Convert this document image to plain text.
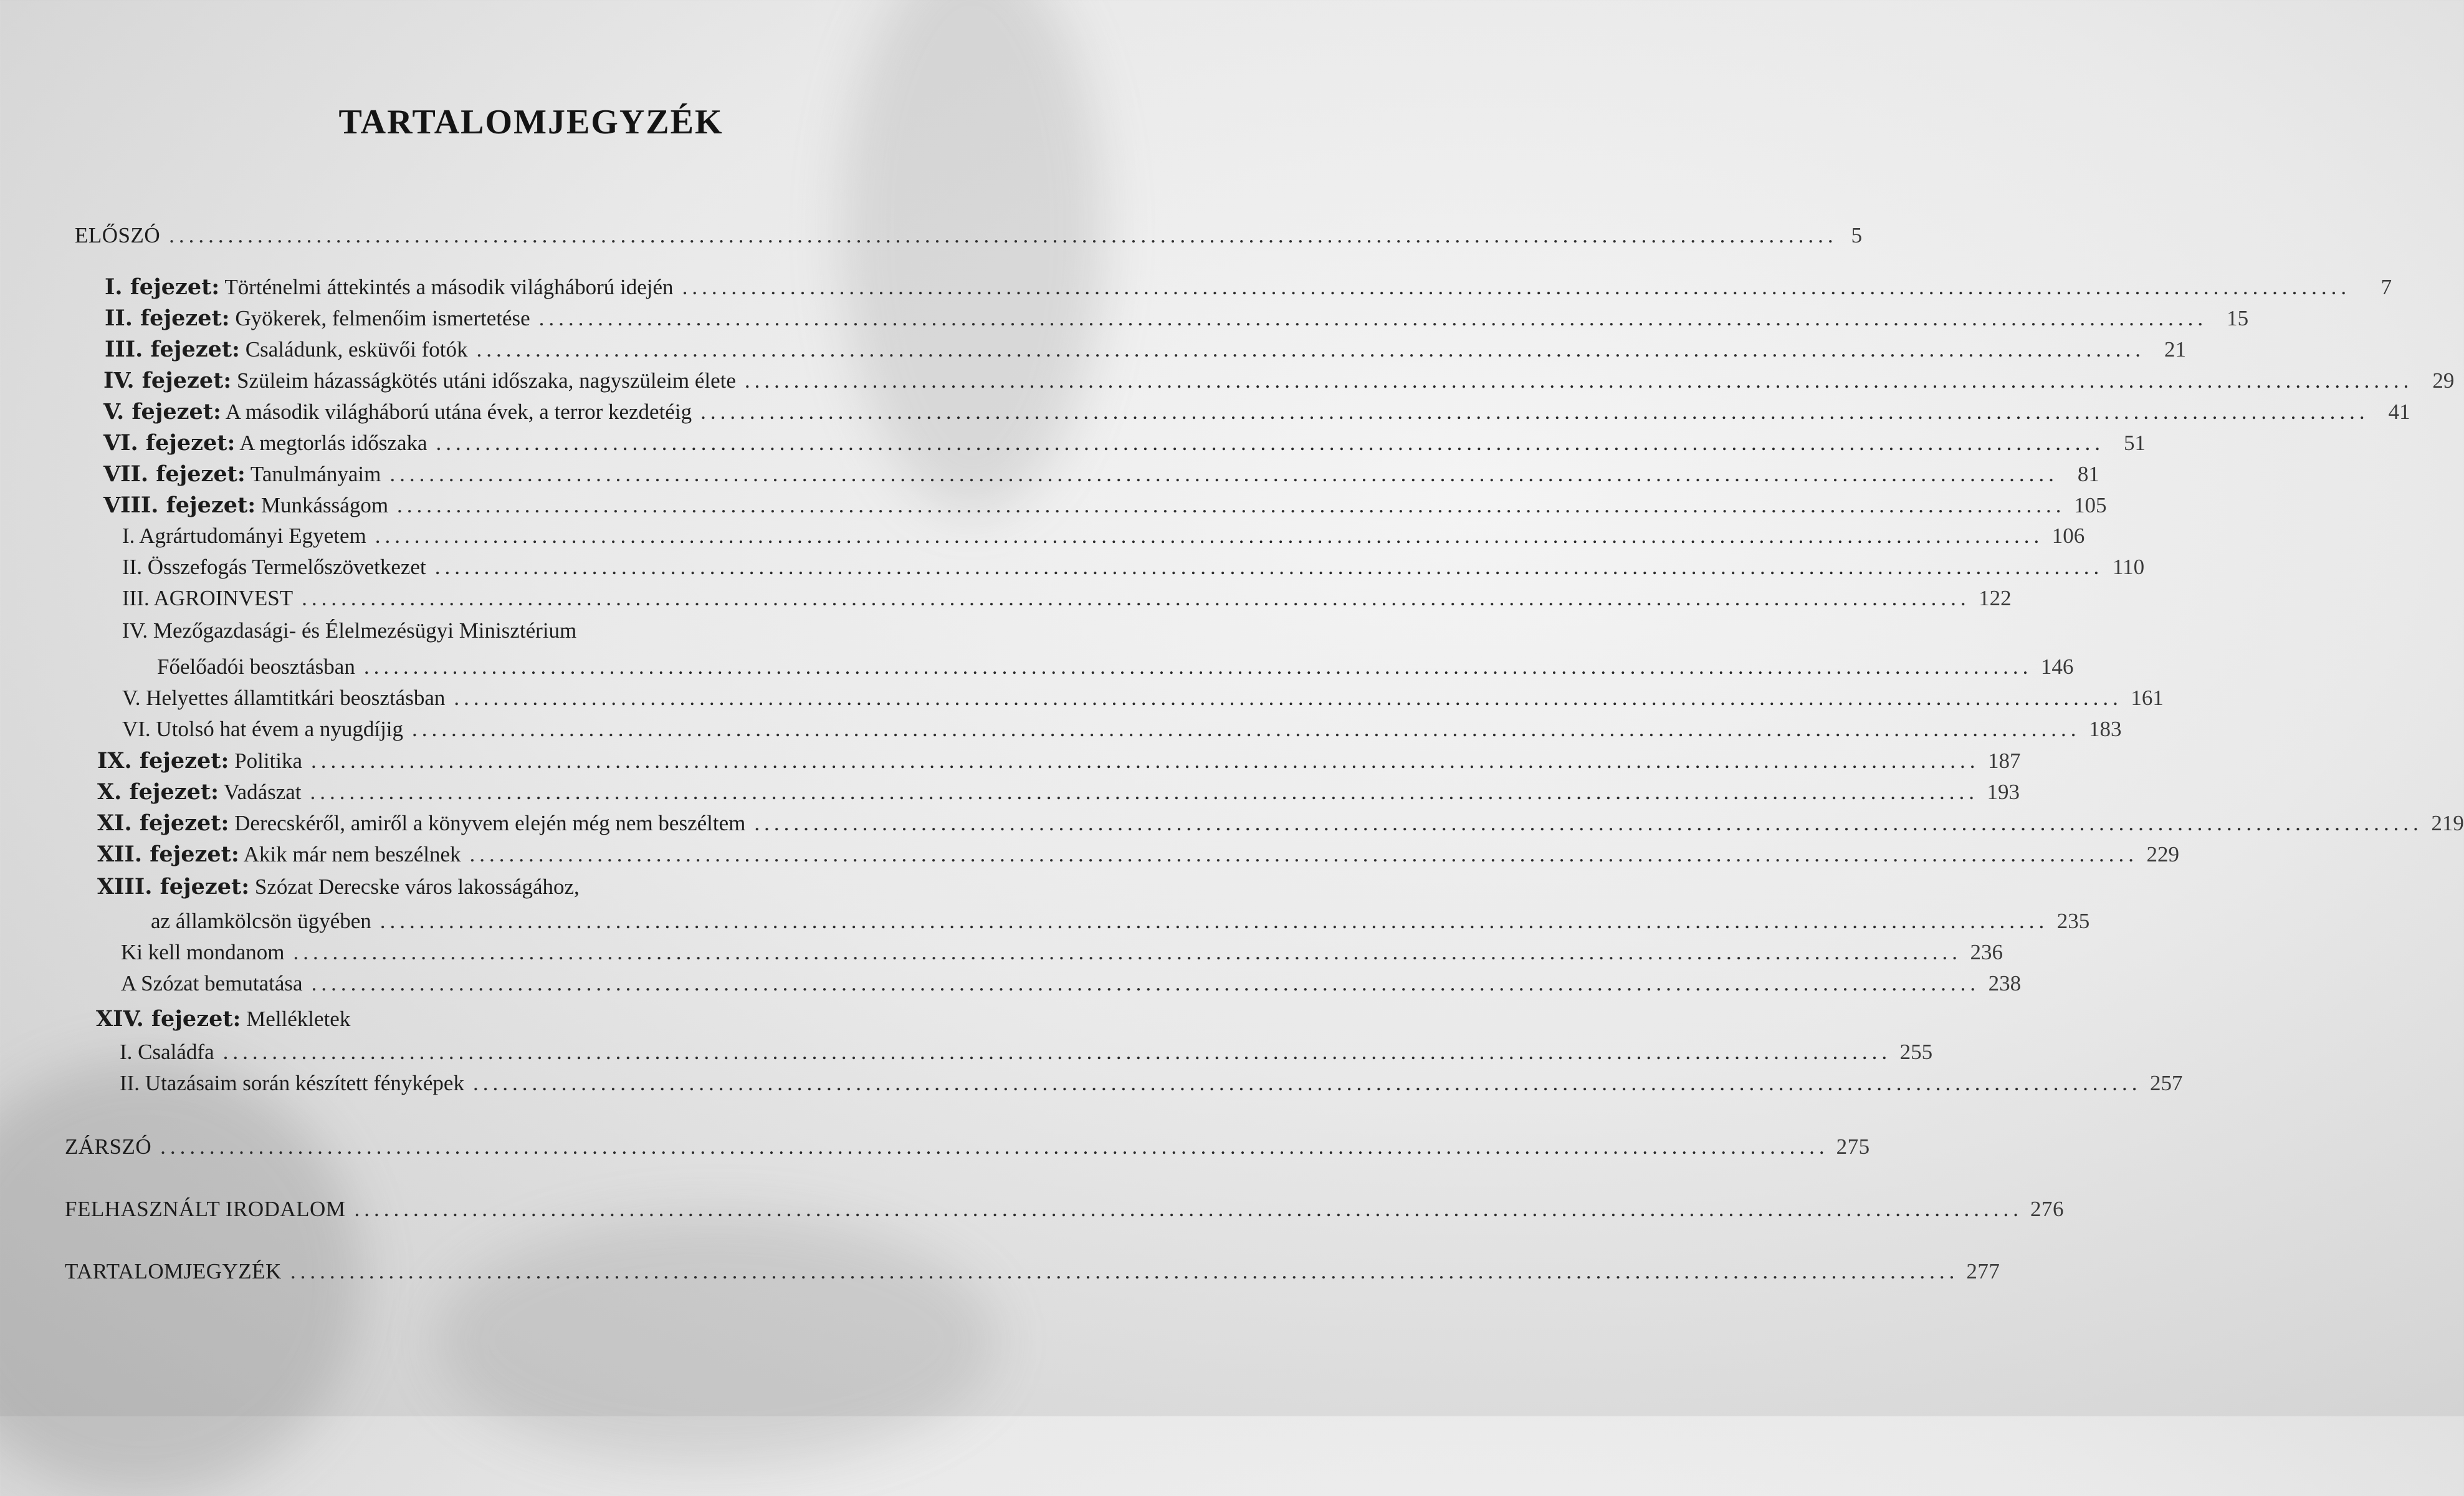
TARTALOMJEGYZÉK
ELŐSZÓ .......................................................................................................................................................................... 5
I. fejezet: Történelmi áttekintés a második világháború idején ..........................................................................................................................................................................	7
II. fejezet: Gyökerek, felmenőim ismertetése .......................................................................................................................................................................... 15
III. fejezet: Családunk, esküvői fotók .......................................................................................................................................................................... 21
IV. fejezet: Szüleim házasságkötés utáni időszaka, nagyszüleim élete .......................................................................................................................................................................... 29
V. fejezet: A második világháború utána évek, a terror kezdetéig .......................................................................................................................................................................... 41
VI. fejezet: A megtorlás időszaka .......................................................................................................................................................................... 51
VII. fejezet: Tanulmányaim .......................................................................................................................................................................... 81
VIII. fejezet: Munkásságom .......................................................................................................................................................................... 105
I. Agrártudományi Egyetem .......................................................................................................................................................................... 106
II. Összefogás Termelőszövetkezet .......................................................................................................................................................................... 110
III. AGROINVEST .......................................................................................................................................................................... 122
IV. Mezőgazdasági- és Élelmezésügyi Minisztérium
Főelőadói beosztásban .......................................................................................................................................................................... 146
V. Helyettes államtitkári beosztásban .......................................................................................................................................................................... 161
VI. Utolsó hat évem a nyugdíjig .......................................................................................................................................................................... 183
IX. fejezet: Politika .......................................................................................................................................................................... 187
X. fejezet: Vadászat .......................................................................................................................................................................... 193
XI. fejezet: Derecskéről, amiről a könyvem elején még nem beszéltem .......................................................................................................................................................................... 219
XII. fejezet: Akik már nem beszélnek .......................................................................................................................................................................... 229
XIII. fejezet: Szózat Derecske város lakosságához,
az államkölcsön ügyében .......................................................................................................................................................................... 235
Ki kell mondanom .......................................................................................................................................................................... 236
A Szózat bemutatása .......................................................................................................................................................................... 238
XIV. fejezet: Mellékletek
I. Családfa .......................................................................................................................................................................... 255
II. Utazásaim során készített fényképek .......................................................................................................................................................................... 257
ZÁRSZÓ .......................................................................................................................................................................... 275
FELHASZNÁLT IRODALOM .......................................................................................................................................................................... 276
TARTALOMJEGYZÉK .......................................................................................................................................................................... 277
